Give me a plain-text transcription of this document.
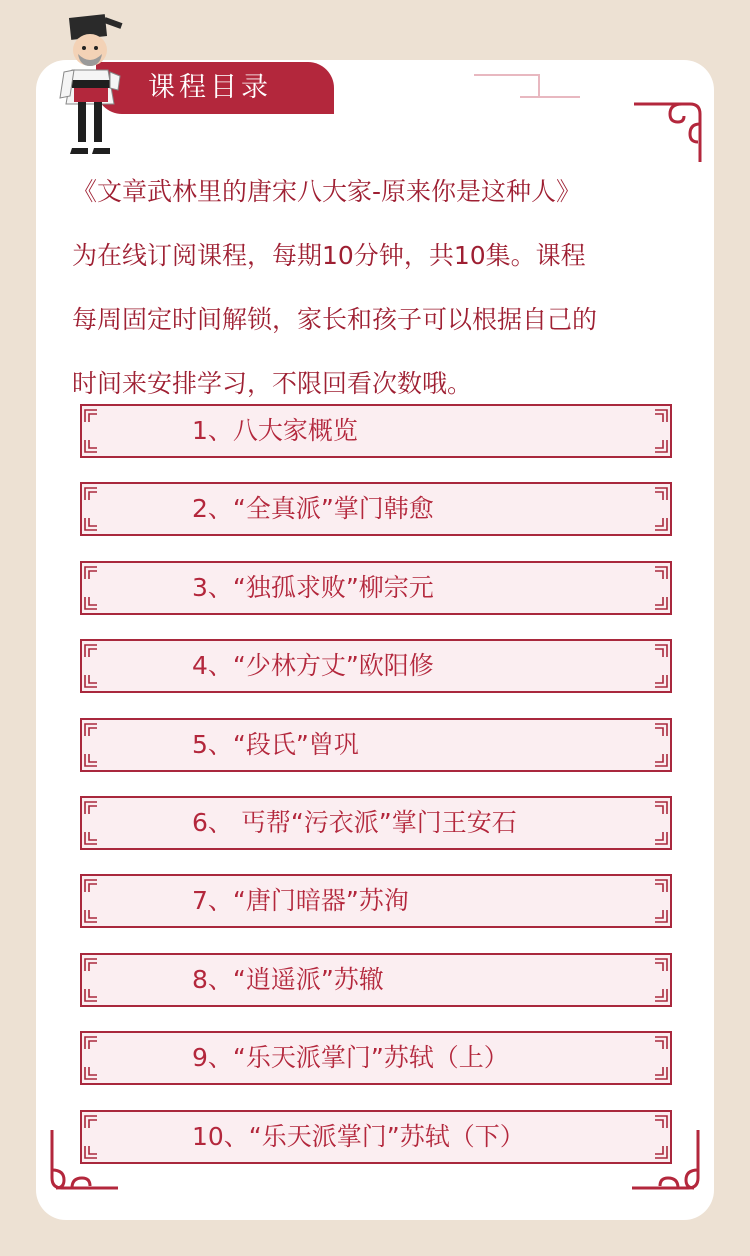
课程目录

《文章武林里的唐宋八大家-原来你是这种人》
为在线订阅课程，每期10分钟，共10集。课程
每周固定时间解锁，家长和孩子可以根据自己的
时间来安排学习，不限回看次数哦。

1、八大家概览
2、“全真派”掌门韩愈
3、“独孤求败”柳宗元
4、“少林方丈”欧阳修
5、“段氏”曾巩
6、 丐帮“污衣派”掌门王安石
7、“唐门暗器”苏洵
8、“逍遥派”苏辙
9、“乐天派掌门”苏轼（上）
10、“乐天派掌门”苏轼（下）
